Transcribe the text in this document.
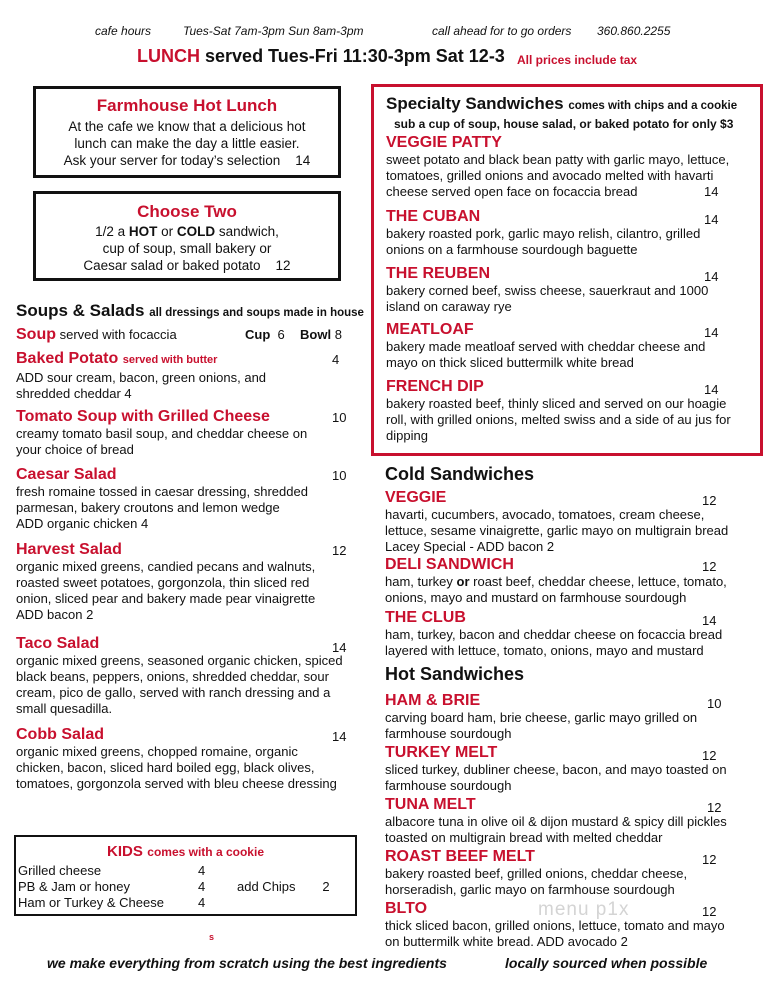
cafe hours	Tues-Sat 7am-3pm Sun 8am-3pm	call ahead for to go orders 360.860.2255
LUNCH served Tues-Fri 11:30-3pm Sat 12-3 All prices include tax
Farmhouse Hot Lunch
At the cafe we know that a delicious hot
lunch can make the day a little easier.
Ask your server for today’s selection 14
Choose Two
1/2 a HOT or COLD sandwich,
cup of soup, small bakery or
Caesar salad or baked potato 12
Soups & Salads all dressings and soups made in house
Soup served with focaccia	Cup 6 Bowl 8
Baked Potato served with butter	4
ADD sour cream, bacon, green onions, and
shredded cheddar 4
Tomato Soup with Grilled Cheese	10
creamy tomato basil soup, and cheddar cheese on
your choice of bread
Caesar Salad	10
fresh romaine tossed in caesar dressing, shredded
parmesan, bakery croutons and lemon wedge
ADD organic chicken 4
Harvest Salad	12
organic mixed greens, candied pecans and walnuts,
roasted sweet potatoes, gorgonzola, thin sliced red
onion, sliced pear and bakery made pear vinaigrette
ADD bacon 2
Taco Salad	14
organic mixed greens, seasoned organic chicken, spiced
black beans, peppers, onions, shredded cheddar, sour
cream, pico de gallo, served with ranch dressing and a
small quesadilla.
Cobb Salad	14
organic mixed greens, chopped romaine, organic
chicken, bacon, sliced hard boiled egg, black olives,
tomatoes, gorgonzola served with bleu cheese dressing
KIDS comes with a cookie
Grilled cheese	4
PB & Jam or honey	4
Ham or Turkey & Cheese	4
add Chips 2
Specialty Sandwiches comes with chips and a cookie
sub a cup of soup, house salad, or baked potato for only $3
VEGGIE PATTY
sweet potato and black bean patty with garlic mayo, lettuce,
tomatoes, grilled onions and avocado melted with havarti
cheese served open face on focaccia bread	14
THE CUBAN	14
bakery roasted pork, garlic mayo relish, cilantro, grilled
onions on a farmhouse sourdough baguette
THE REUBEN	14
bakery corned beef, swiss cheese, sauerkraut and 1000
island on caraway rye
MEATLOAF	14
bakery made meatloaf served with cheddar cheese and
mayo on thick sliced buttermilk white bread
FRENCH DIP	14
bakery roasted beef, thinly sliced and served on our hoagie
roll, with grilled onions, melted swiss and a side of au jus for
dipping
Cold Sandwiches
VEGGIE	12
havarti, cucumbers, avocado, tomatoes, cream cheese,
lettuce, sesame vinaigrette, garlic mayo on multigrain bread
Lacey Special - ADD bacon 2
DELI SANDWICH	12
ham, turkey or roast beef, cheddar cheese, lettuce, tomato,
onions, mayo and mustard on farmhouse sourdough
THE CLUB	14
ham, turkey, bacon and cheddar cheese on focaccia bread
layered with lettuce, tomato, onions, mayo and mustard
Hot Sandwiches
HAM & BRIE	10
carving board ham, brie cheese, garlic mayo grilled on
farmhouse sourdough
TURKEY MELT	12
sliced turkey, dubliner cheese, bacon, and mayo toasted on
farmhouse sourdough
TUNA MELT	12
albacore tuna in olive oil & dijon mustard & spicy dill pickles
toasted on multigrain bread with melted cheddar
ROAST BEEF MELT	12
bakery roasted beef, grilled onions, cheddar cheese,
horseradish, garlic mayo on farmhouse sourdough
BLTO	12
thick sliced bacon, grilled onions, lettuce, tomato and mayo
on buttermilk white bread. ADD avocado 2
menu p1x
s
we make everything from scratch using the best ingredients	locally sourced when possible
